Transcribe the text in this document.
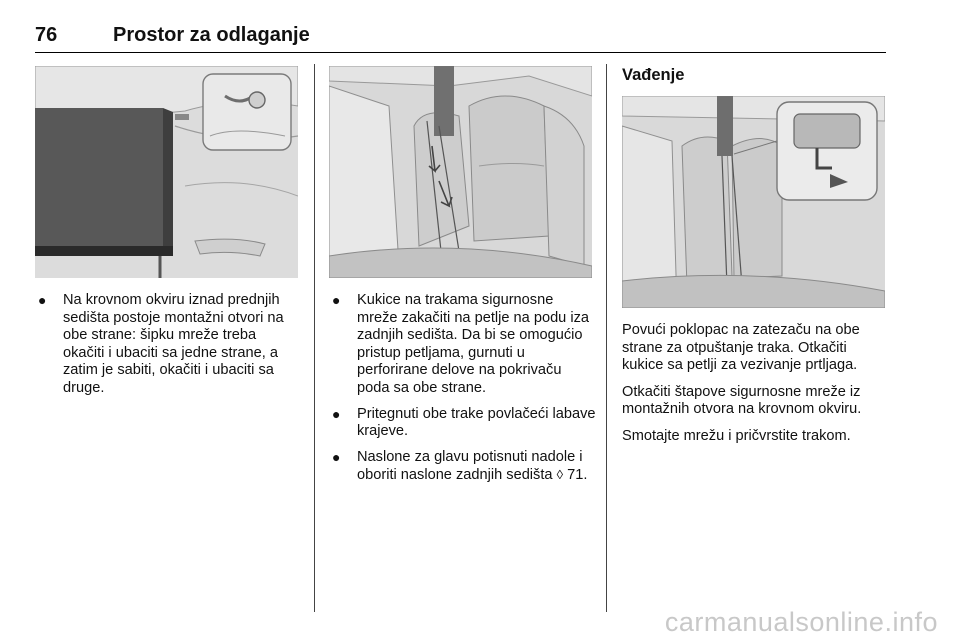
76	Prostor za odlaganje
Vađenje
● Na krovnom okviru iznad prednjih sedišta postoje montažni otvori na obe strane: šipku mreže treba okačiti i ubaciti sa jedne strane, a zatim je sabiti, okačiti i ubaciti sa druge.
● Kukice na trakama sigurnosne mreže zakačiti na petlje na podu iza zadnjih sedišta. Da bi se omogućio pristup petljama, gurnuti u perforirane delove na pokrivaču poda sa obe strane.
● Pritegnuti obe trake povlačeći labave krajeve.
● Naslone za glavu potisnuti nadole i oboriti naslone zadnjih sedišta ◊ 71.

Povući poklopac na zatezaču na obe strane za otpuštanje traka. Otkačiti kukice sa petlji za vezivanje prtljaga.

Otkačiti štapove sigurnosne mreže iz montažnih otvora na krovnom okviru.

Smotajte mrežu i pričvrstite trakom.

carmanualsonline.info
